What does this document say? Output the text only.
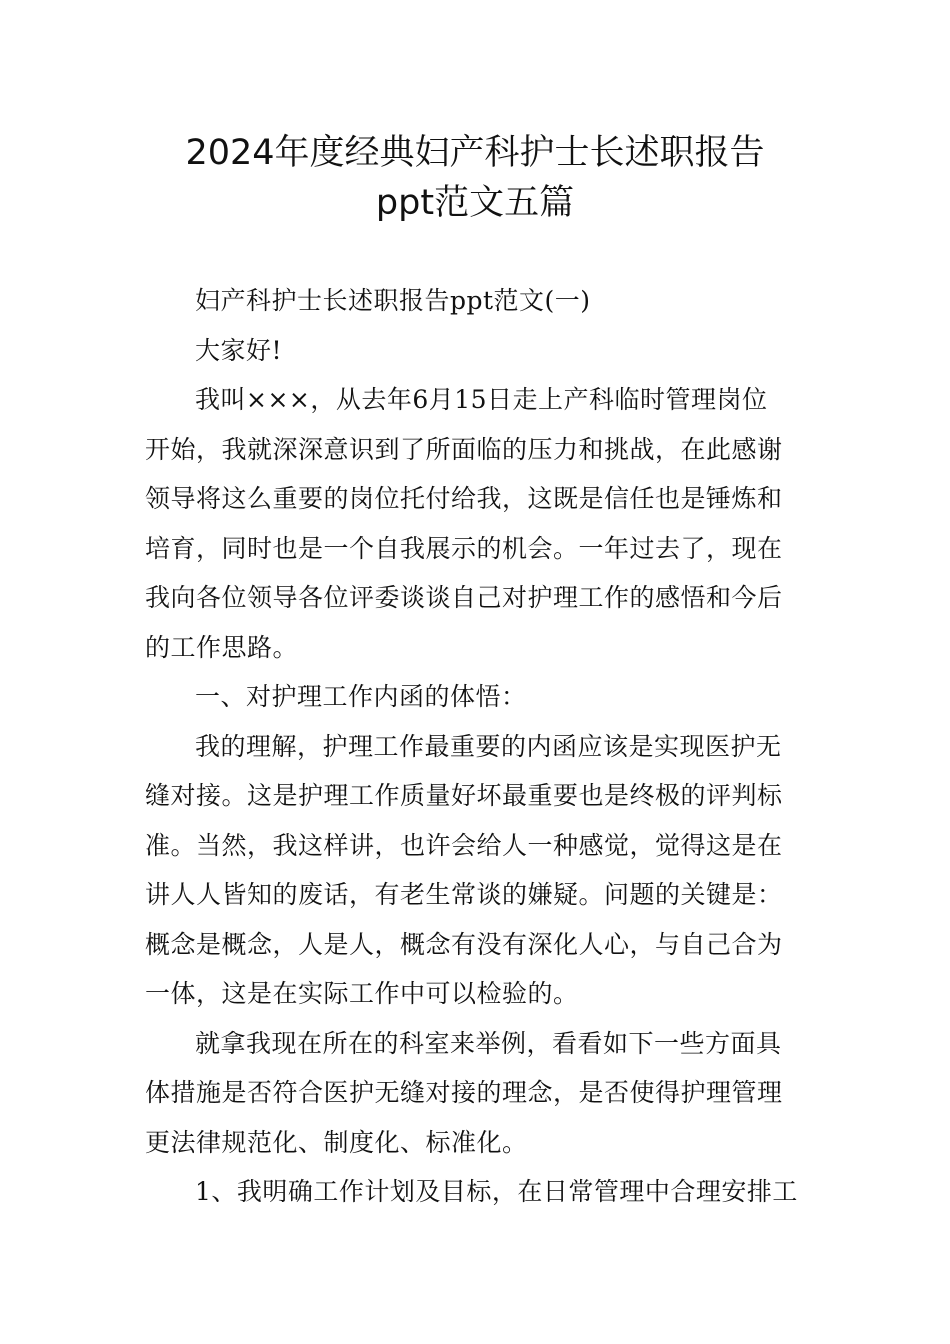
2024年度经典妇产科护士长述职报告
ppt范文五篇
妇产科护士长述职报告ppt范文(一)
大家好!
我叫×××，从去年6月15日走上产科临时管理岗位
开始，我就深深意识到了所面临的压力和挑战，在此感谢
领导将这么重要的岗位托付给我，这既是信任也是锤炼和
培育，同时也是一个自我展示的机会。一年过去了，现在
我向各位领导各位评委谈谈自己对护理工作的感悟和今后
的工作思路。
一、对护理工作内函的体悟：
我的理解，护理工作最重要的内函应该是实现医护无
缝对接。这是护理工作质量好坏最重要也是终极的评判标
准。当然，我这样讲，也许会给人一种感觉，觉得这是在
讲人人皆知的废话，有老生常谈的嫌疑。问题的关键是：
概念是概念，人是人，概念有没有深化人心，与自己合为
一体，这是在实际工作中可以检验的。
就拿我现在所在的科室来举例，看看如下一些方面具
体措施是否符合医护无缝对接的理念，是否使得护理管理
更法律规范化、制度化、标准化。
1、我明确工作计划及目标，在日常管理中合理安排工
